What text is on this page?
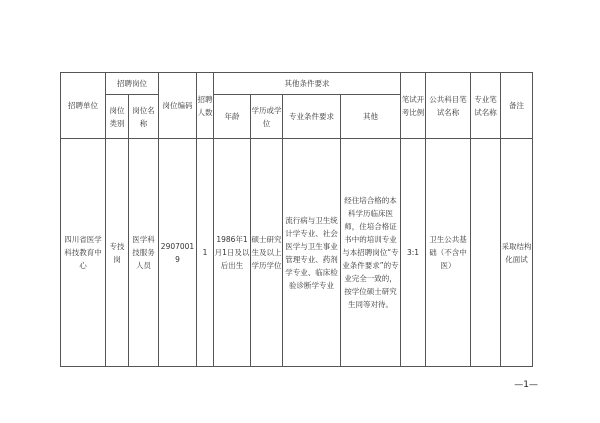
招聘单位	招聘岗位		岗位编码	招聘人数	其他条件要求				笔试开考比例	公共科目笔试名称	专业笔试名称	备注
	岗位类别	岗位名称			年龄	学历或学位	专业条件要求	其他				
四川省医学科技教育中心	专技岗	医学科技服务人员	29070019	1	1986年1月1日及以后出生	硕士研究生及以上学历学位	流行病与卫生统计学专业、社会医学与卫生事业管理专业、药剂学专业、临床检验诊断学专业	经住培合格的本科学历临床医师，住培合格证书中的培训专业与本招聘岗位“专业条件要求”的专业完全一致的，按学位硕士研究生同等对待。	3:1	卫生公共基础（不含中医）		采取结构化面试
—1—
